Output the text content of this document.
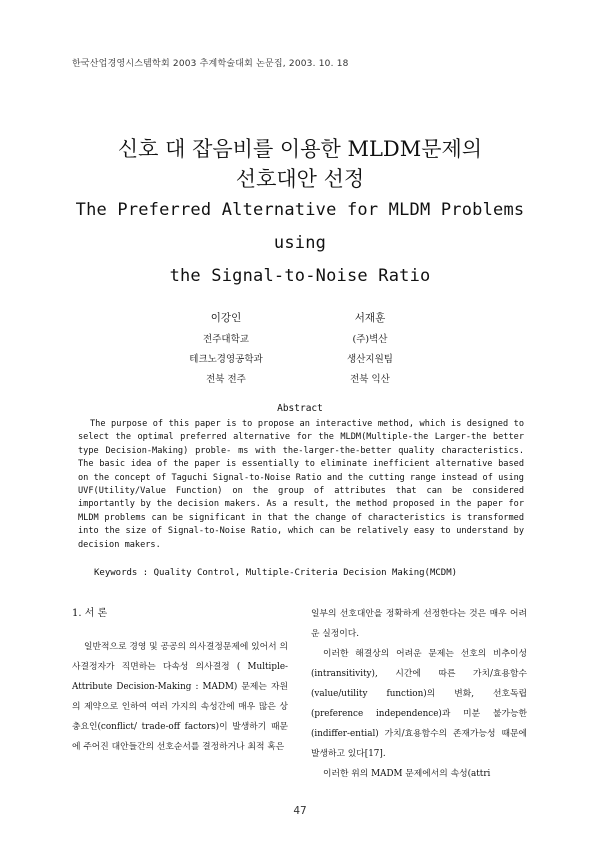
한국산업경영시스템학회 2003 추계학술대회 논문집, 2003. 10. 18
신호 대 잡음비를 이용한 MLDM문제의
선호대안 선정
The Preferred Alternative for MLDM Problems
using
the Signal-to-Noise Ratio
이강인
전주대학교
테크노경영공학과
전북 전주
서재훈
(주)벽산
생산지원팀
전북 익산
Abstract

The purpose of this paper is to propose an interactive method, which is designed to select the optimal preferred alternative for the MLDM(Multiple-the Larger-the better type Decision-Making) proble- ms with the-larger-the-better quality characteristics. The basic idea of the paper is essentially to eliminate inefficient alternative based on the concept of Taguchi Signal-to-Noise Ratio and the cutting range instead of using UVF(Utility/Value Function) on the group of attributes that can be considered importantly by the decision makers. As a result, the method proposed in the paper for MLDM problems can be significant in that the change of characteristics is transformed into the size of Signal-to-Noise Ratio, which can be relatively easy to understand by decision makers.

Keywords : Quality Control, Multiple-Criteria Decision Making(MCDM)
1. 서 론

일반적으로 경영 및 공공의 의사결정문제에 있어서 의사결정자가 직면하는 다속성 의사결정 ( Multiple-Attribute Decision-Making : MADM) 문제는 자원의 제약으로 인하여 여러 가지의 속성간에 매우 많은 상충요인(conflict/ trade-off factors)이 발생하기 때문에 주어진 대안들간의 선호순서를 결정하거나 최적 혹은

일부의 선호대안을 정확하게 선정한다는 것은 매우 어려운 실정이다.

이러한 해결상의 어려운 문제는 선호의 비추이성(intransitivity), 시간에 따른 가치/효용함수(value/utility function)의 변화, 선호독립(preference independence)과 미분 불가능한(indiffer-ential) 가치/효용함수의 존재가능성 때문에 발생하고 있다[17].

이러한 위의 MADM 문제에서의 속성(attri

47
